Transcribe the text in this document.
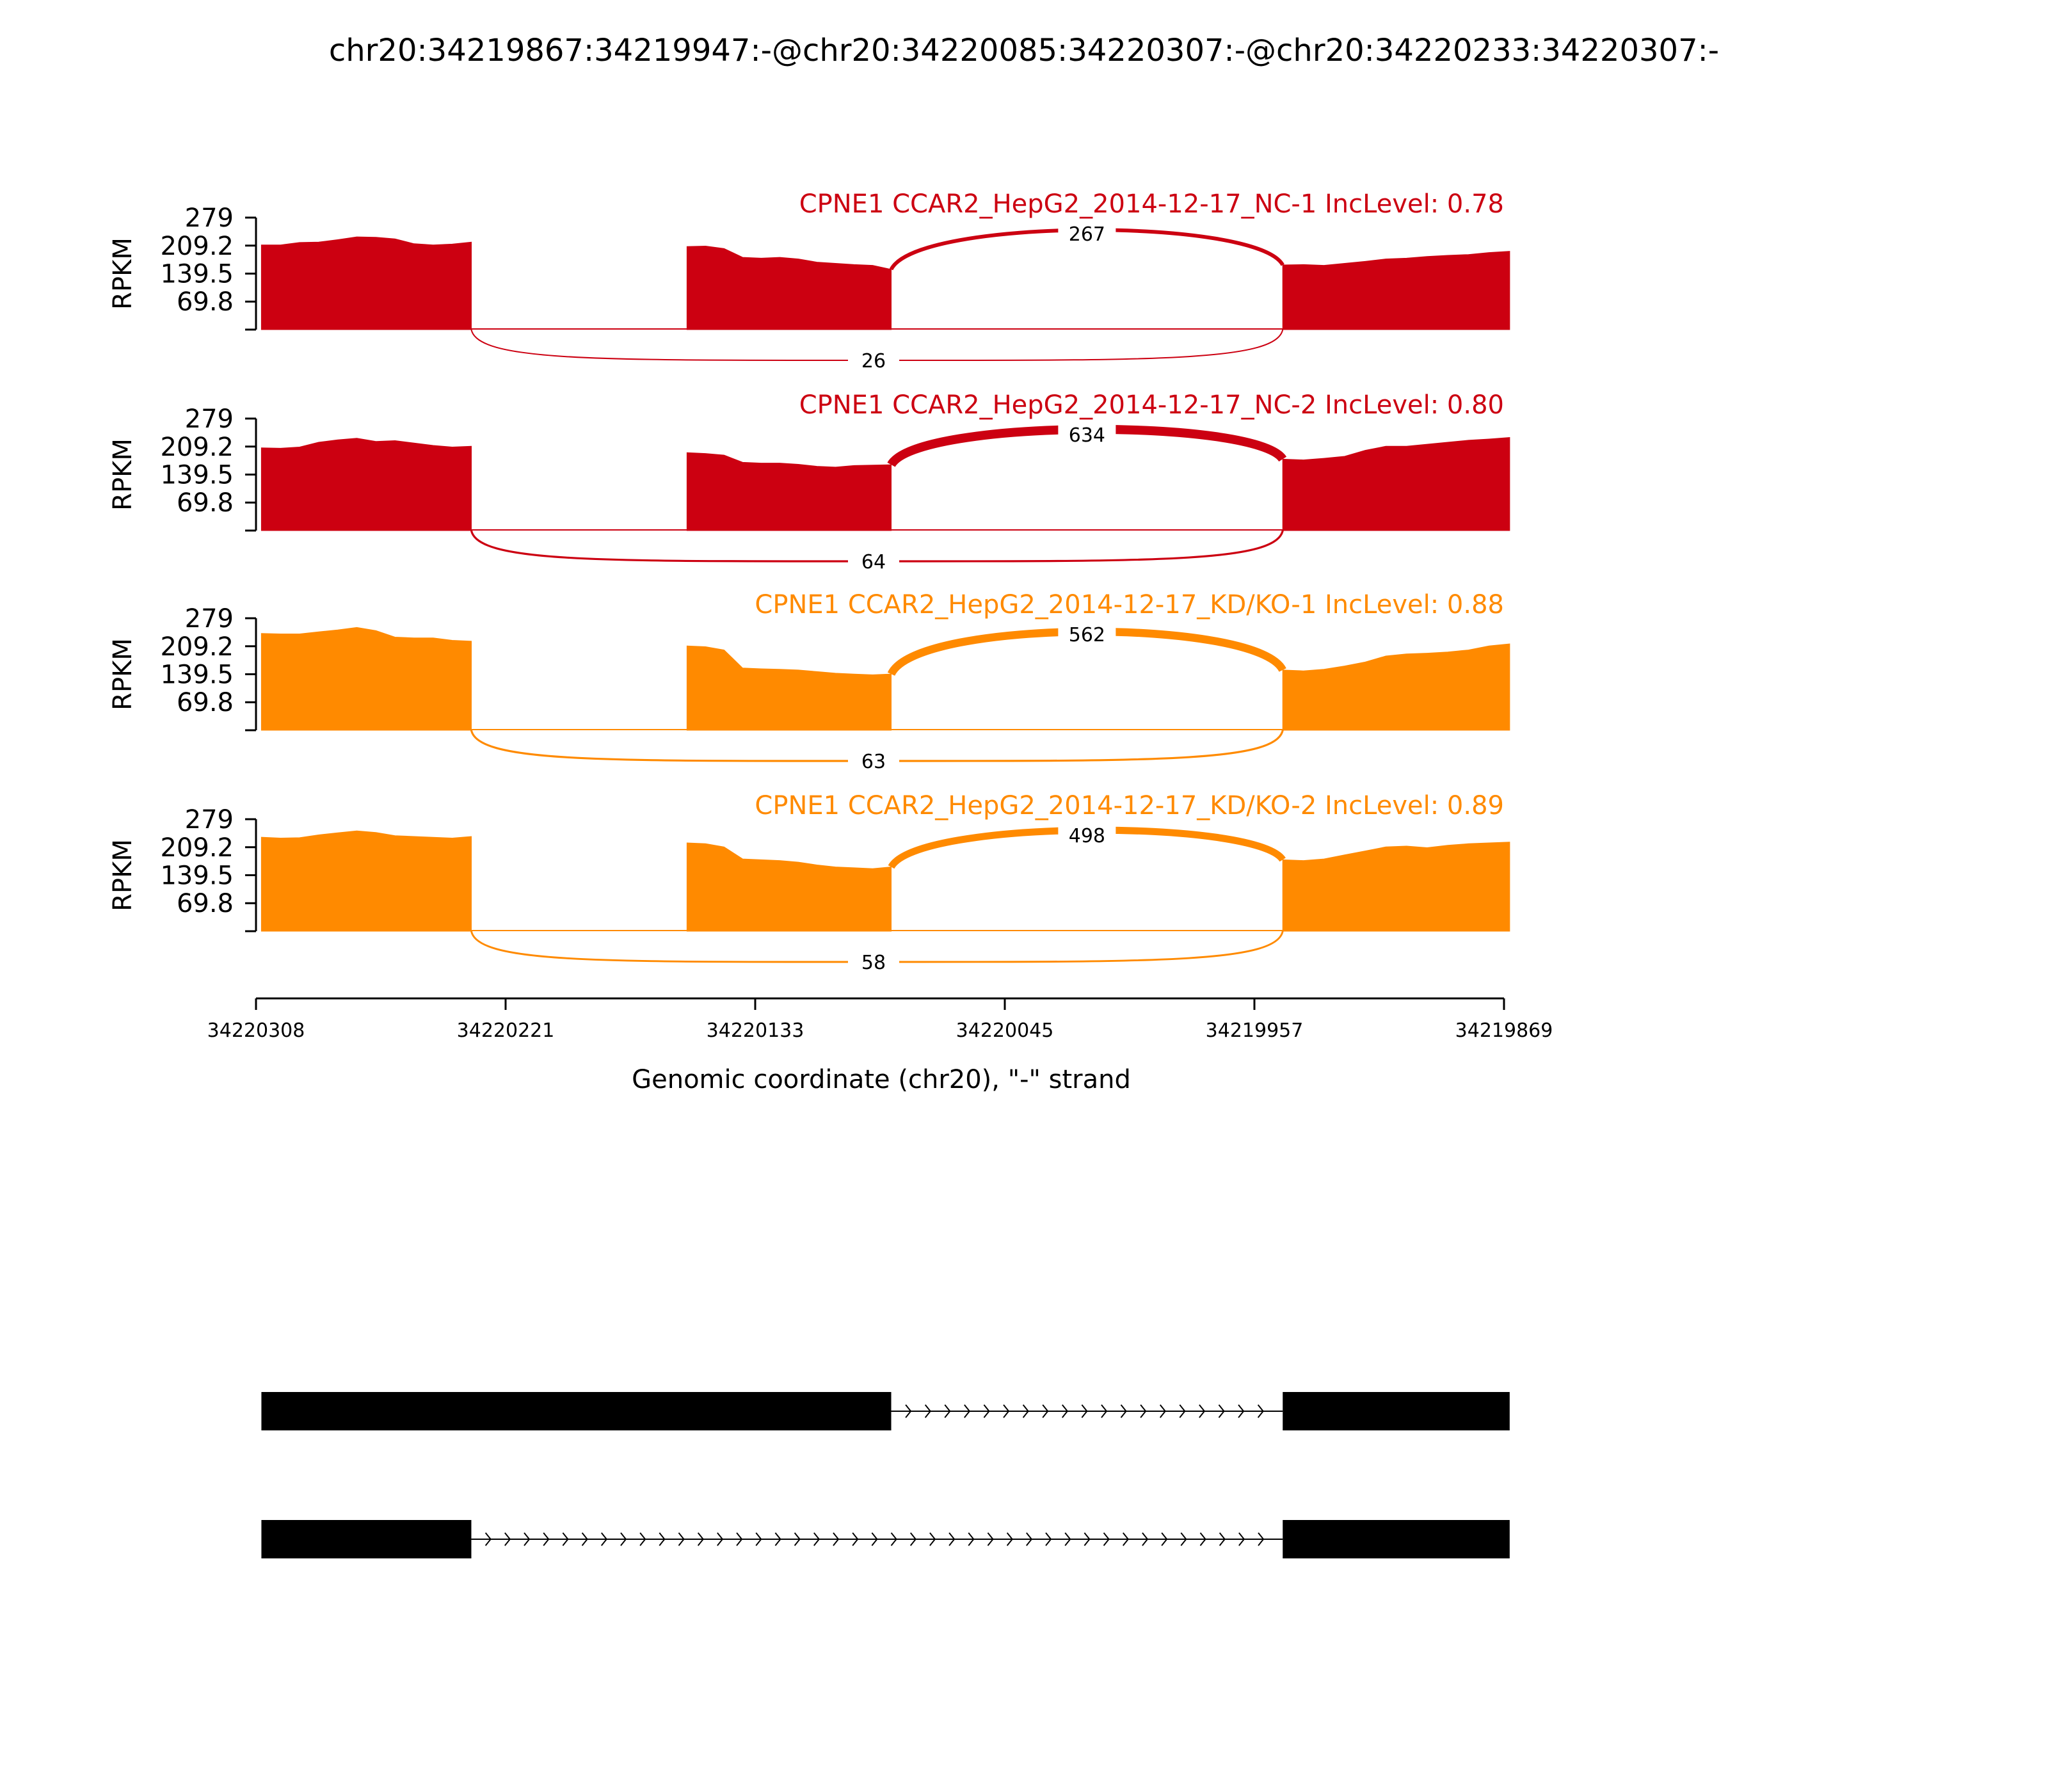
chr20:34219867:34219947:-@chr20:34220085:34220307:-@chr20:34220233:34220307:-
279
209.2
139.5
69.8
RPKM
267
26
CPNE1 CCAR2_HepG2_2014-12-17_NC-1 IncLevel: 0.78
279
209.2
139.5
69.8
RPKM
634
64
CPNE1 CCAR2_HepG2_2014-12-17_NC-2 IncLevel: 0.80
279
209.2
139.5
69.8
RPKM
562
63
CPNE1 CCAR2_HepG2_2014-12-17_KD/KO-1 IncLevel: 0.88
279
209.2
139.5
69.8
RPKM
498
58
CPNE1 CCAR2_HepG2_2014-12-17_KD/KO-2 IncLevel: 0.89
34220308	34220221	34220133	34220045	34219957	34219869
Genomic coordinate (chr20), "-" strand
